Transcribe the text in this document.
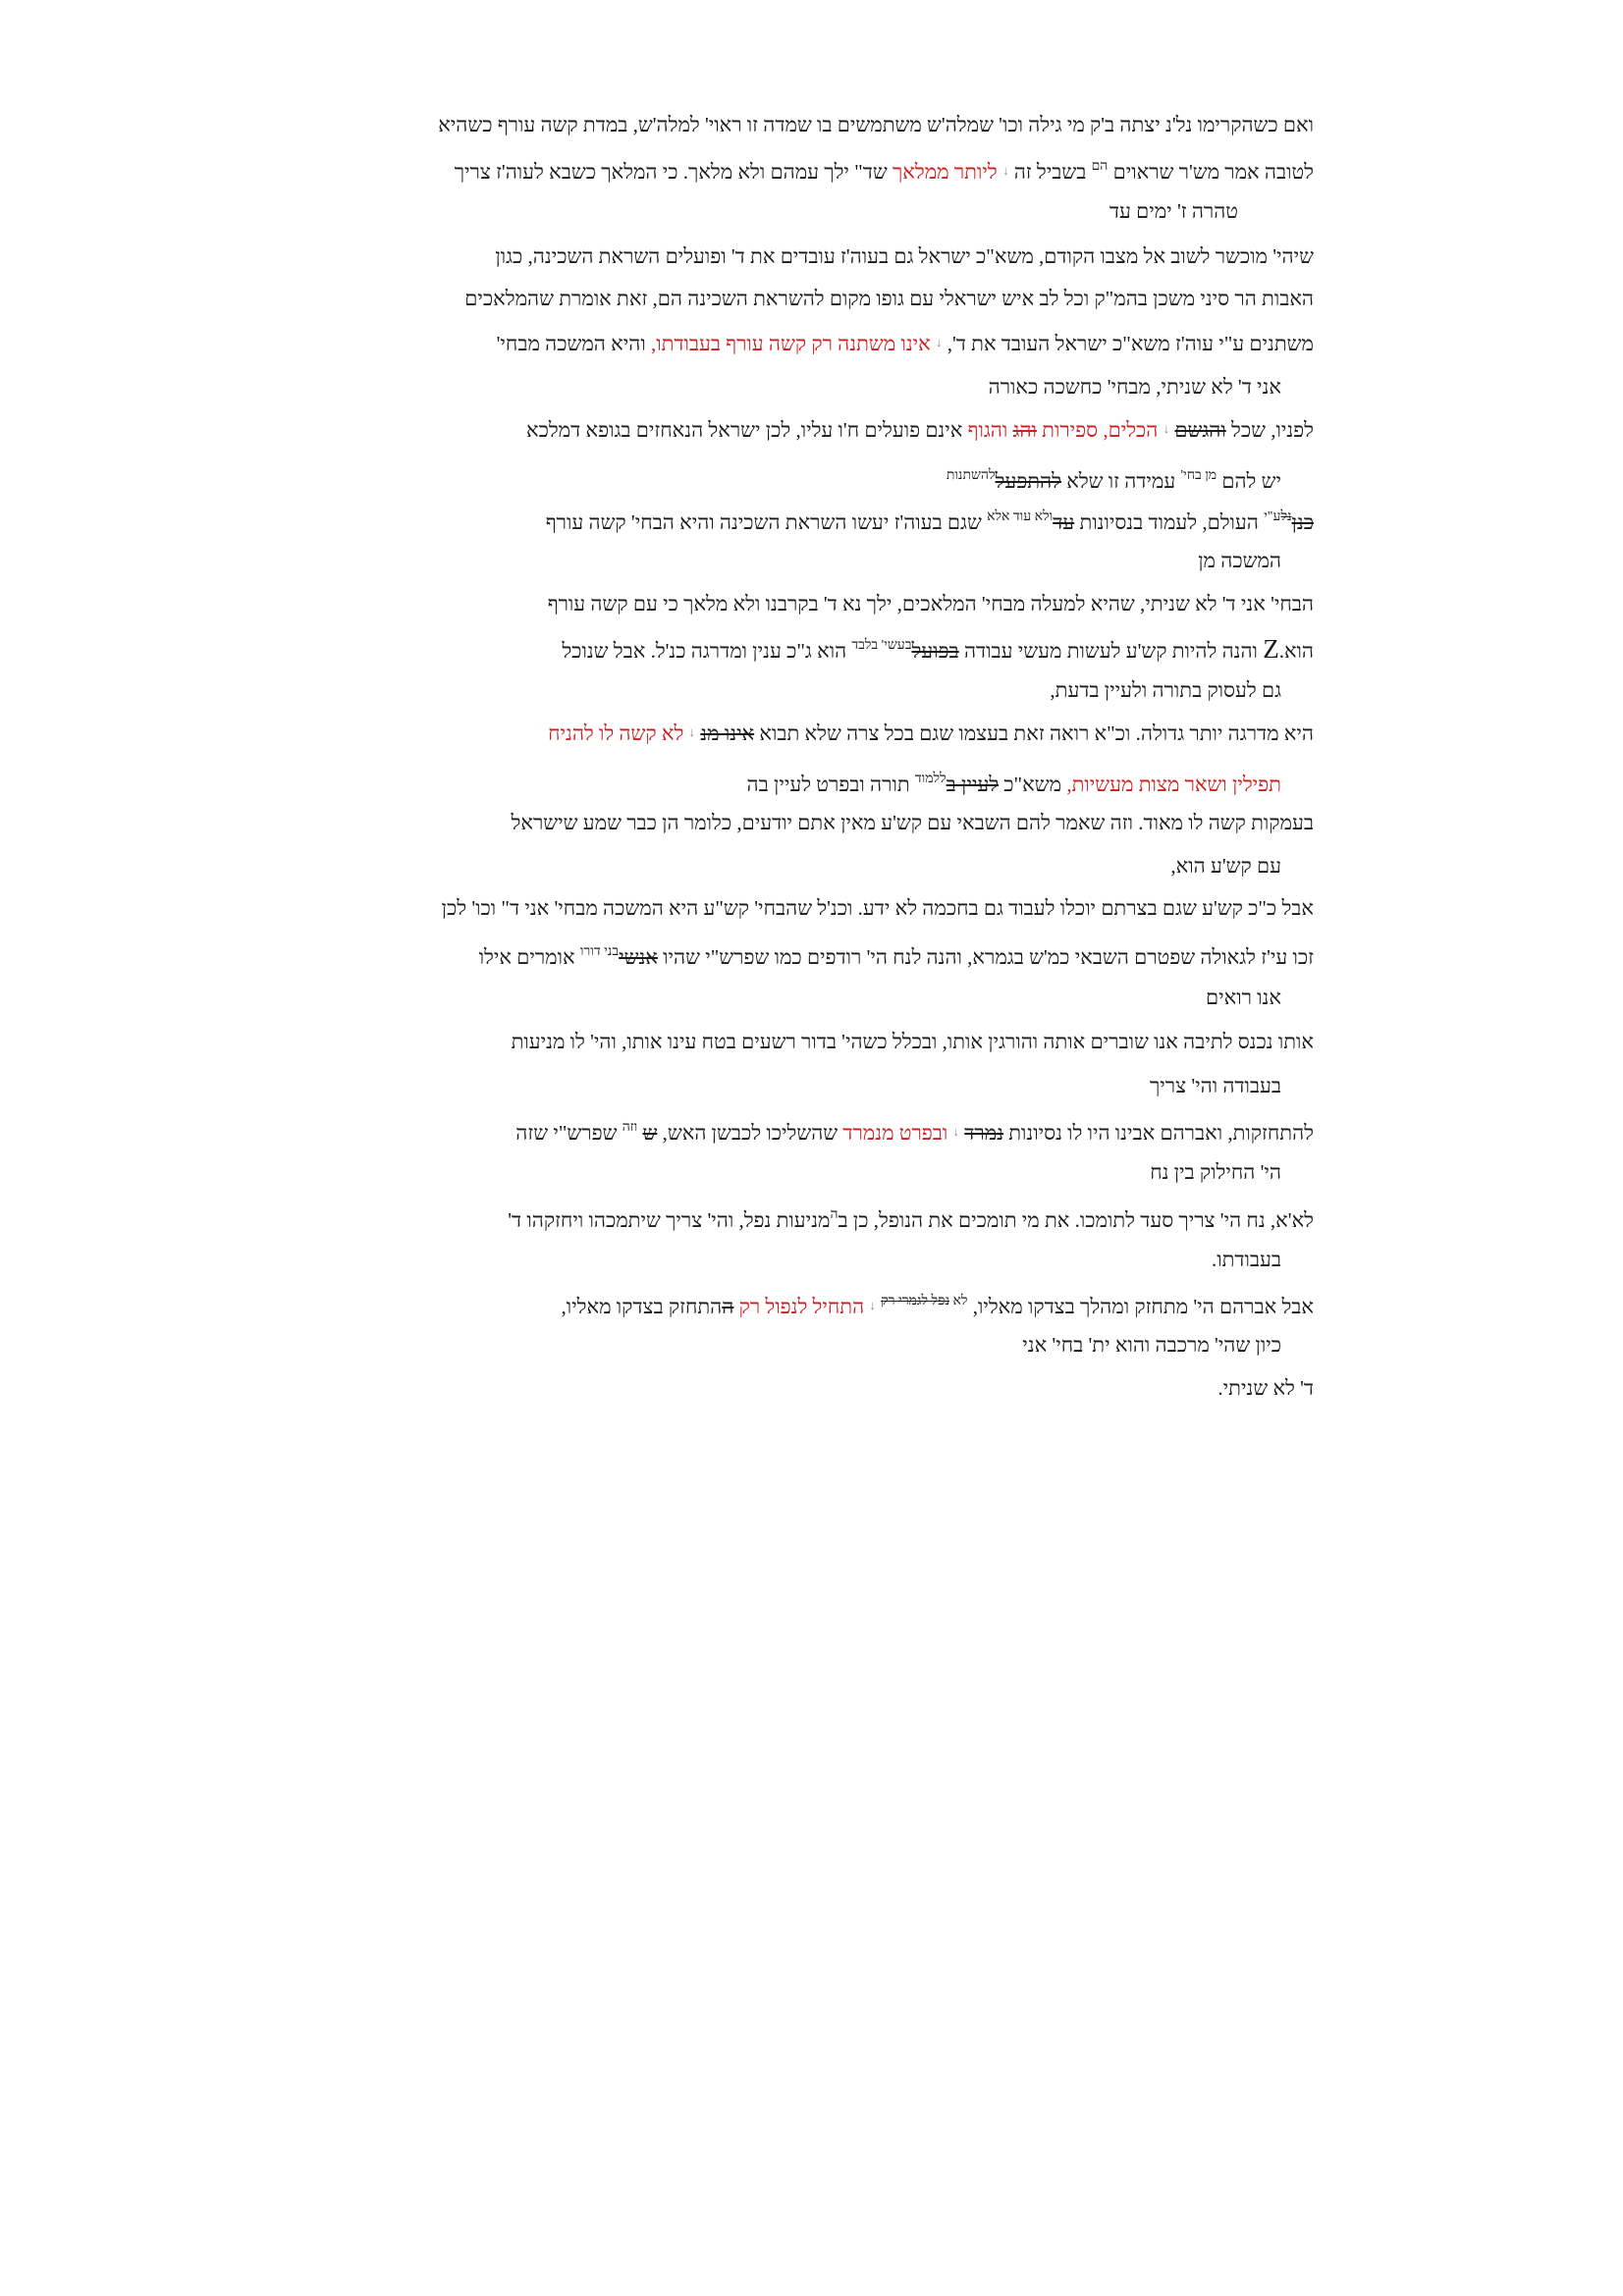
ואם כשהקרימו נל'נ יצתה ב'ק מי גילה וכו' שמלה'ש משתמשים בו שמדה זו ראוי' למלה'ש, במדת קשה עורף כשהיא
לטובה אמר מש'ר שראוים $^{הם}$ בשביל זה ↓ ליותר ממלאך שד" ילך עמהם ולא מלאך. כי המלאך כשבא לעוה'ז צריך
טהרה ז' ימים עד
שיהי' מוכשר לשוב אל מצבו הקודם, משא"כ ישראל גם בעוה'ז עובדים את ד' ופועלים השראת השכינה, כגון
האבות הר סיני משכן בהמ"ק וכל לב איש ישראלי עם גופו מקום להשראת השכינה הם, זאת אומרת שהמלאכים
משתנים ע"י עוה'ז משא"כ ישראל העובד את ד', ↓ אינו משתנה רק קשה עורף בעבודתו, והיא המשכה מבחי'
אני ד' לא שניתי, מבחי' כחשכה כאורה
לפניו, שכל והגשם ↓ הכלים, ספירות והג והגוף אינם פועלים ח'ו עליו, לכן ישראל הנאחזים בגופא דמלכא
יש להם $^{מן בחי'}$ עמידה זו שלא להתפעל$^{להשתנות}$
כנן$^{נלע"י}$ העולם, לעמוד בנסיונות עד$^{ולא עוד אלא}$ שגם בעוה'ז יעשו השראת השכינה והיא הבחי' קשה עורף
המשכה מן
הבחי' אני ד' לא שניתי, שהיא למעלה מבחי' המלאכים, ילך נא ד' בקרבנו ולא מלאך כי עם קשה עורף
הוא.Z והנה להיות קש'ע לעשות מעשי עבודה בפועל$^{בעשי' בלבד}$ הוא ג"כ ענין ומדרגה כנ'ל. אבל שנוכל
גם לעסוק בתורה ולעיין בדעת,
היא מדרגה יותר גדולה. וכ"א רואה זאת בעצמו שגם בכל צרה שלא תבוא אינו מנ ↓ לא קשה לו להניח
תפילין ושאר מצות מעשיות, משא"כ לעיין ב$^{ללמוד}$ תורה ובפרט לעיין בה
בעמקות קשה לו מאוד. וזה שאמר להם השבאי עם קש'ע מאין אתם יודעים, כלומר הן כבר שמע שישראל
עם קש'ע הוא,
אבל כ"כ קש'ע שגם בצרתם יוכלו לעבוד גם בחכמה לא ידע. וכנ'ל שהבחי' קש"ע היא המשכה מבחי' אני ד" וכו' לכן
זכו עי'ז לגאולה שפטרם השבאי כמ'ש בגמרא, והנה לנח הי' רודפים כמו שפרש"י שהיו אנשי$^{בני דורו}$ אומרים אילו
אנו רואים
אותו נכנס לתיבה אנו שוברים אותה והורגין אותו, ובכלל כשהי' בדור רשעים בטח עינו אותו, והי' לו מניעות
בעבודה והי' צריך
להתחזקות, ואברהם אבינו היו לו נסיונות נמרד ↓ ובפרט מנמרד שהשליכו לכבשן האש, ש $^{וזה}$ שפרש"י שזה
הי' החילוק בין נח
לא'א, נח הי' צריך סעד לתומכו. את מי תומכים את הנופל, כן ב$^ה$מניעות נפל, והי' צריך שיתמכהו ויחזקהו ד'
בעבודתו.
אבל אברהם הי' מתחזק ומהלך בצדקו מאליו, $^{לא נפל לגמרי רק}$ ↓ התחיל לנפול רק ההתחזק בצדקו מאליו,
כיון שהי' מרכבה והוא ית' בחי' אני
ד' לא שניתי.
